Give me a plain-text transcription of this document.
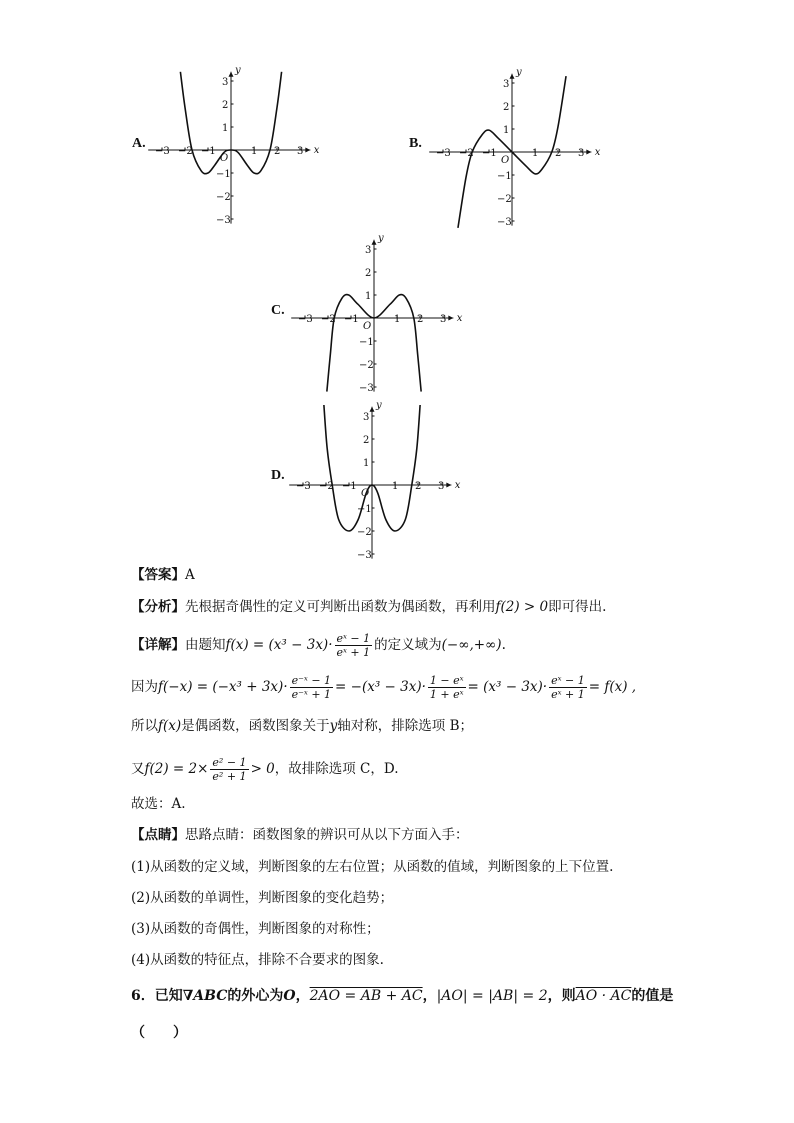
A.	B.
C.
D.
−3 −2 −1	1 2 3
3
2
1
−1
−2
−3
x
y
O	−3 −2 −1	1 2 3
3
2
1
−1
−2
−3
x
y
O
−3 −2 −1	1 2 3
3
2
1
−1
−2
−3
x
y
O
−3 −2 −1	1 2 3
3
2
1
−1
−2
−3
x
y
O
【答案】A
【分析】先根据奇偶性的定义可判断出函数为偶函数，再利用f(2) > 0即可得出.
【详解】由题知$f(x) = (x^3 - 3x)\cdot \frac{\text{eˣ − 1}}{\text{eˣ + 1}}$ 的定义域为(−∞,+∞).
因为$f(-x) = (-x^3 + 3x)\cdot \frac{\text{e⁻ˣ − 1}}{\text{e⁻ˣ + 1}} = -(x^3 - 3x)\cdot \frac{\text{1 − eˣ}}{\text{1 + eˣ}} = (x^3 - 3x)\cdot \frac{\text{eˣ − 1}}{\text{eˣ + 1}} = f(x)$ ,
所以f(x)是偶函数，函数图象关于y轴对称，排除选项 B；
又$f(2) = 2\times \frac{\text{e² − 1}}{\text{e² + 1}} > 0$，故排除选项 C，D.
故选：A.
【点睛】思路点睛：函数图象的辨识可从以下方面入手：
(1)从函数的定义域，判断图象的左右位置；从函数的值域，判断图象的上下位置.
(2)从函数的单调性，判断图象的变化趋势；
(3)从函数的奇偶性，判断图象的对称性；
(4)从函数的特征点，排除不合要求的图象.
6．已知∇ABC的外心为O，2AO = AB + AC，|AO| = |AB| = 2，则AO · AC的值是
（　　）
